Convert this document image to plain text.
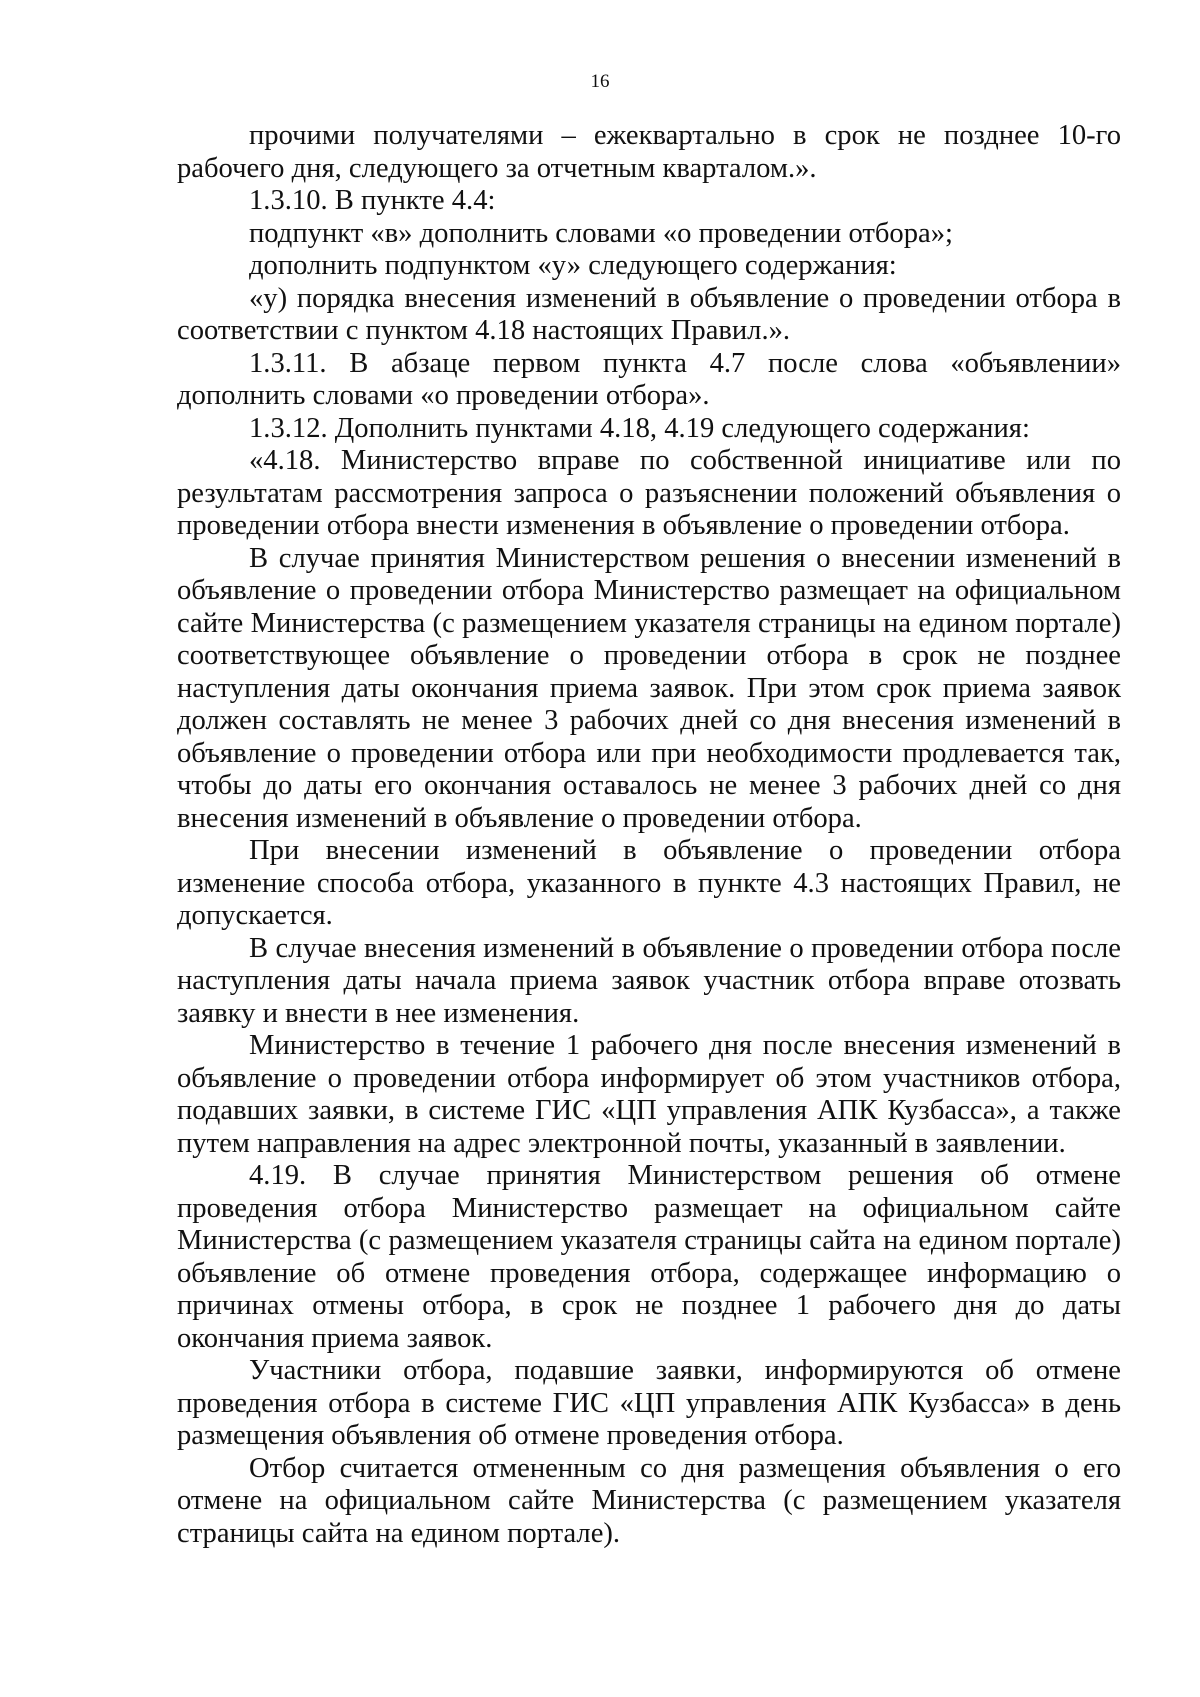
16

прочими получателями – ежеквартально в срок не позднее 10-го рабочего дня, следующего за отчетным кварталом.».

1.3.10. В пункте 4.4:

подпункт «в» дополнить словами «о проведении отбора»;

дополнить подпунктом «у» следующего содержания:

«у) порядка внесения изменений в объявление о проведении отбора в соответствии с пунктом 4.18 настоящих Правил.».

1.3.11. В абзаце первом пункта 4.7 после слова «объявлении» дополнить словами «о проведении отбора».

1.3.12. Дополнить пунктами 4.18, 4.19 следующего содержания:

«4.18. Министерство вправе по собственной инициативе или по результатам рассмотрения запроса о разъяснении положений объявления о проведении отбора внести изменения в объявление о проведении отбора.

В случае принятия Министерством решения о внесении изменений в объявление о проведении отбора Министерство размещает на официальном сайте Министерства (с размещением указателя страницы на едином портале) соответствующее объявление о проведении отбора в срок не позднее наступления даты окончания приема заявок. При этом срок приема заявок должен составлять не менее 3 рабочих дней со дня внесения изменений в объявление о проведении отбора или при необходимости продлевается так, чтобы до даты его окончания оставалось не менее 3 рабочих дней со дня внесения изменений в объявление о проведении отбора.

При внесении изменений в объявление о проведении отбора изменение способа отбора, указанного в пункте 4.3 настоящих Правил, не допускается.

В случае внесения изменений в объявление о проведении отбора после наступления даты начала приема заявок участник отбора вправе отозвать заявку и внести в нее изменения.

Министерство в течение 1 рабочего дня после внесения изменений в объявление о проведении отбора информирует об этом участников отбора, подавших заявки, в системе ГИС «ЦП управления АПК Кузбасса», а также путем направления на адрес электронной почты, указанный в заявлении.

4.19. В случае принятия Министерством решения об отмене проведения отбора Министерство размещает на официальном сайте Министерства (с размещением указателя страницы сайта на едином портале) объявление об отмене проведения отбора, содержащее информацию о причинах отмены отбора, в срок не позднее 1 рабочего дня до даты окончания приема заявок.

Участники отбора, подавшие заявки, информируются об отмене проведения отбора в системе ГИС «ЦП управления АПК Кузбасса» в день размещения объявления об отмене проведения отбора.

Отбор считается отмененным со дня размещения объявления о его отмене на официальном сайте Министерства (с размещением указателя страницы сайта на едином портале).
